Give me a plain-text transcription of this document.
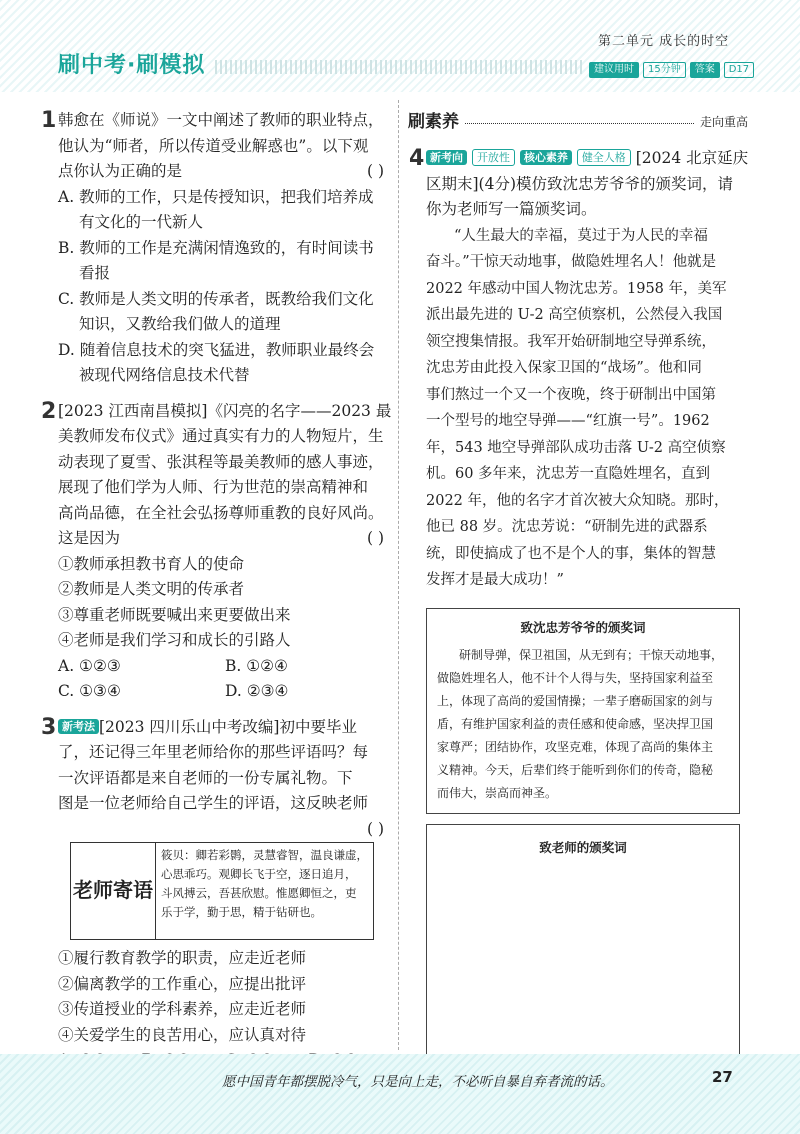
刷中考·刷模拟
第二单元 成长的时空
建议用时	15分钟	答案	D17
1 韩愈在《师说》一文中阐述了教师的职业特点，
他认为“师者，所以传道受业解惑也”。以下观
点你认为正确的是	( )
A. 教师的工作，只是传授知识，把我们培养成
有文化的一代新人
B. 教师的工作是充满闲情逸致的，有时间读书
看报
C. 教师是人类文明的传承者，既教给我们文化
知识，又教给我们做人的道理
D. 随着信息技术的突飞猛进，教师职业最终会
被现代网络信息技术代替
2 [2023 江西南昌模拟]《闪亮的名字——2023 最
美教师发布仪式》通过真实有力的人物短片，生
动表现了夏雪、张淇程等最美教师的感人事迹，
展现了他们学为人师、行为世范的崇高精神和
高尚品德，在全社会弘扬尊师重教的良好风尚。
这是因为	( )
①教师承担教书育人的使命
②教师是人类文明的传承者
③尊重老师既要喊出来更要做出来
④老师是我们学习和成长的引路人
A. ①②③	B. ①②④
C. ①③④	D. ②③④
3 新考法 [2023 四川乐山中考改编]初中要毕业
了，还记得三年里老师给你的那些评语吗？每
一次评语都是来自老师的一份专属礼物。下
图是一位老师给自己学生的评语，这反映老师
( )
老师寄语
筱贝：卿若彩鹮，灵慧睿智，温良谦虚，
心思乖巧。观卿长飞于空，逐日追月，
斗风搏云，吾甚欣慰。惟愿卿恒之，吏
乐于学，勤于思，精于钻研也。
①履行教育教学的职责，应走近老师
②偏离教学的工作重心，应提出批评
③传道授业的学科素养，应走近老师
④关爱学生的良苦用心，应认真对待
刷素养	走向重高
4 新考向 开放性 核心素养 健全人格 [2024 北京延庆
区期末](4分)模仿致沈忠芳爷爷的颁奖词，请
你为老师写一篇颁奖词。
“人生最大的幸福，莫过于为人民的幸福
奋斗。”干惊天动地事，做隐姓埋名人！他就是
2022 年感动中国人物沈忠芳。1958 年，美军
派出最先进的 U-2 高空侦察机，公然侵入我国
领空搜集情报。我军开始研制地空导弹系统，
沈忠芳由此投入保家卫国的“战场”。他和同
事们熬过一个又一个夜晚，终于研制出中国第
一个型号的地空导弹——“红旗一号”。1962
年，543 地空导弹部队成功击落 U-2 高空侦察
机。60 多年来，沈忠芳一直隐姓埋名，直到
2022 年，他的名字才首次被大众知晓。那时，
他已 88 岁。沈忠芳说：“研制先进的武器系
统，即使搞成了也不是个人的事，集体的智慧
发挥才是最大成功！”
致沈忠芳爷爷的颁奖词
研制导弹，保卫祖国，从无到有；干惊天动地事，
做隐姓埋名人，他不计个人得与失，坚持国家利益至
上，体现了高尚的爱国情操；一辈子磨砺国家的剑与
盾，有维护国家利益的责任感和使命感，坚决捍卫国
家尊严；团结协作，攻坚克难，体现了高尚的集体主
义精神。今天，后辈们终于能听到你们的传奇，隐秘
而伟大，崇高而神圣。
致老师的颁奖词
愿中国青年都摆脱冷气，只是向上走，不必听自暴自弃者流的话。	27
